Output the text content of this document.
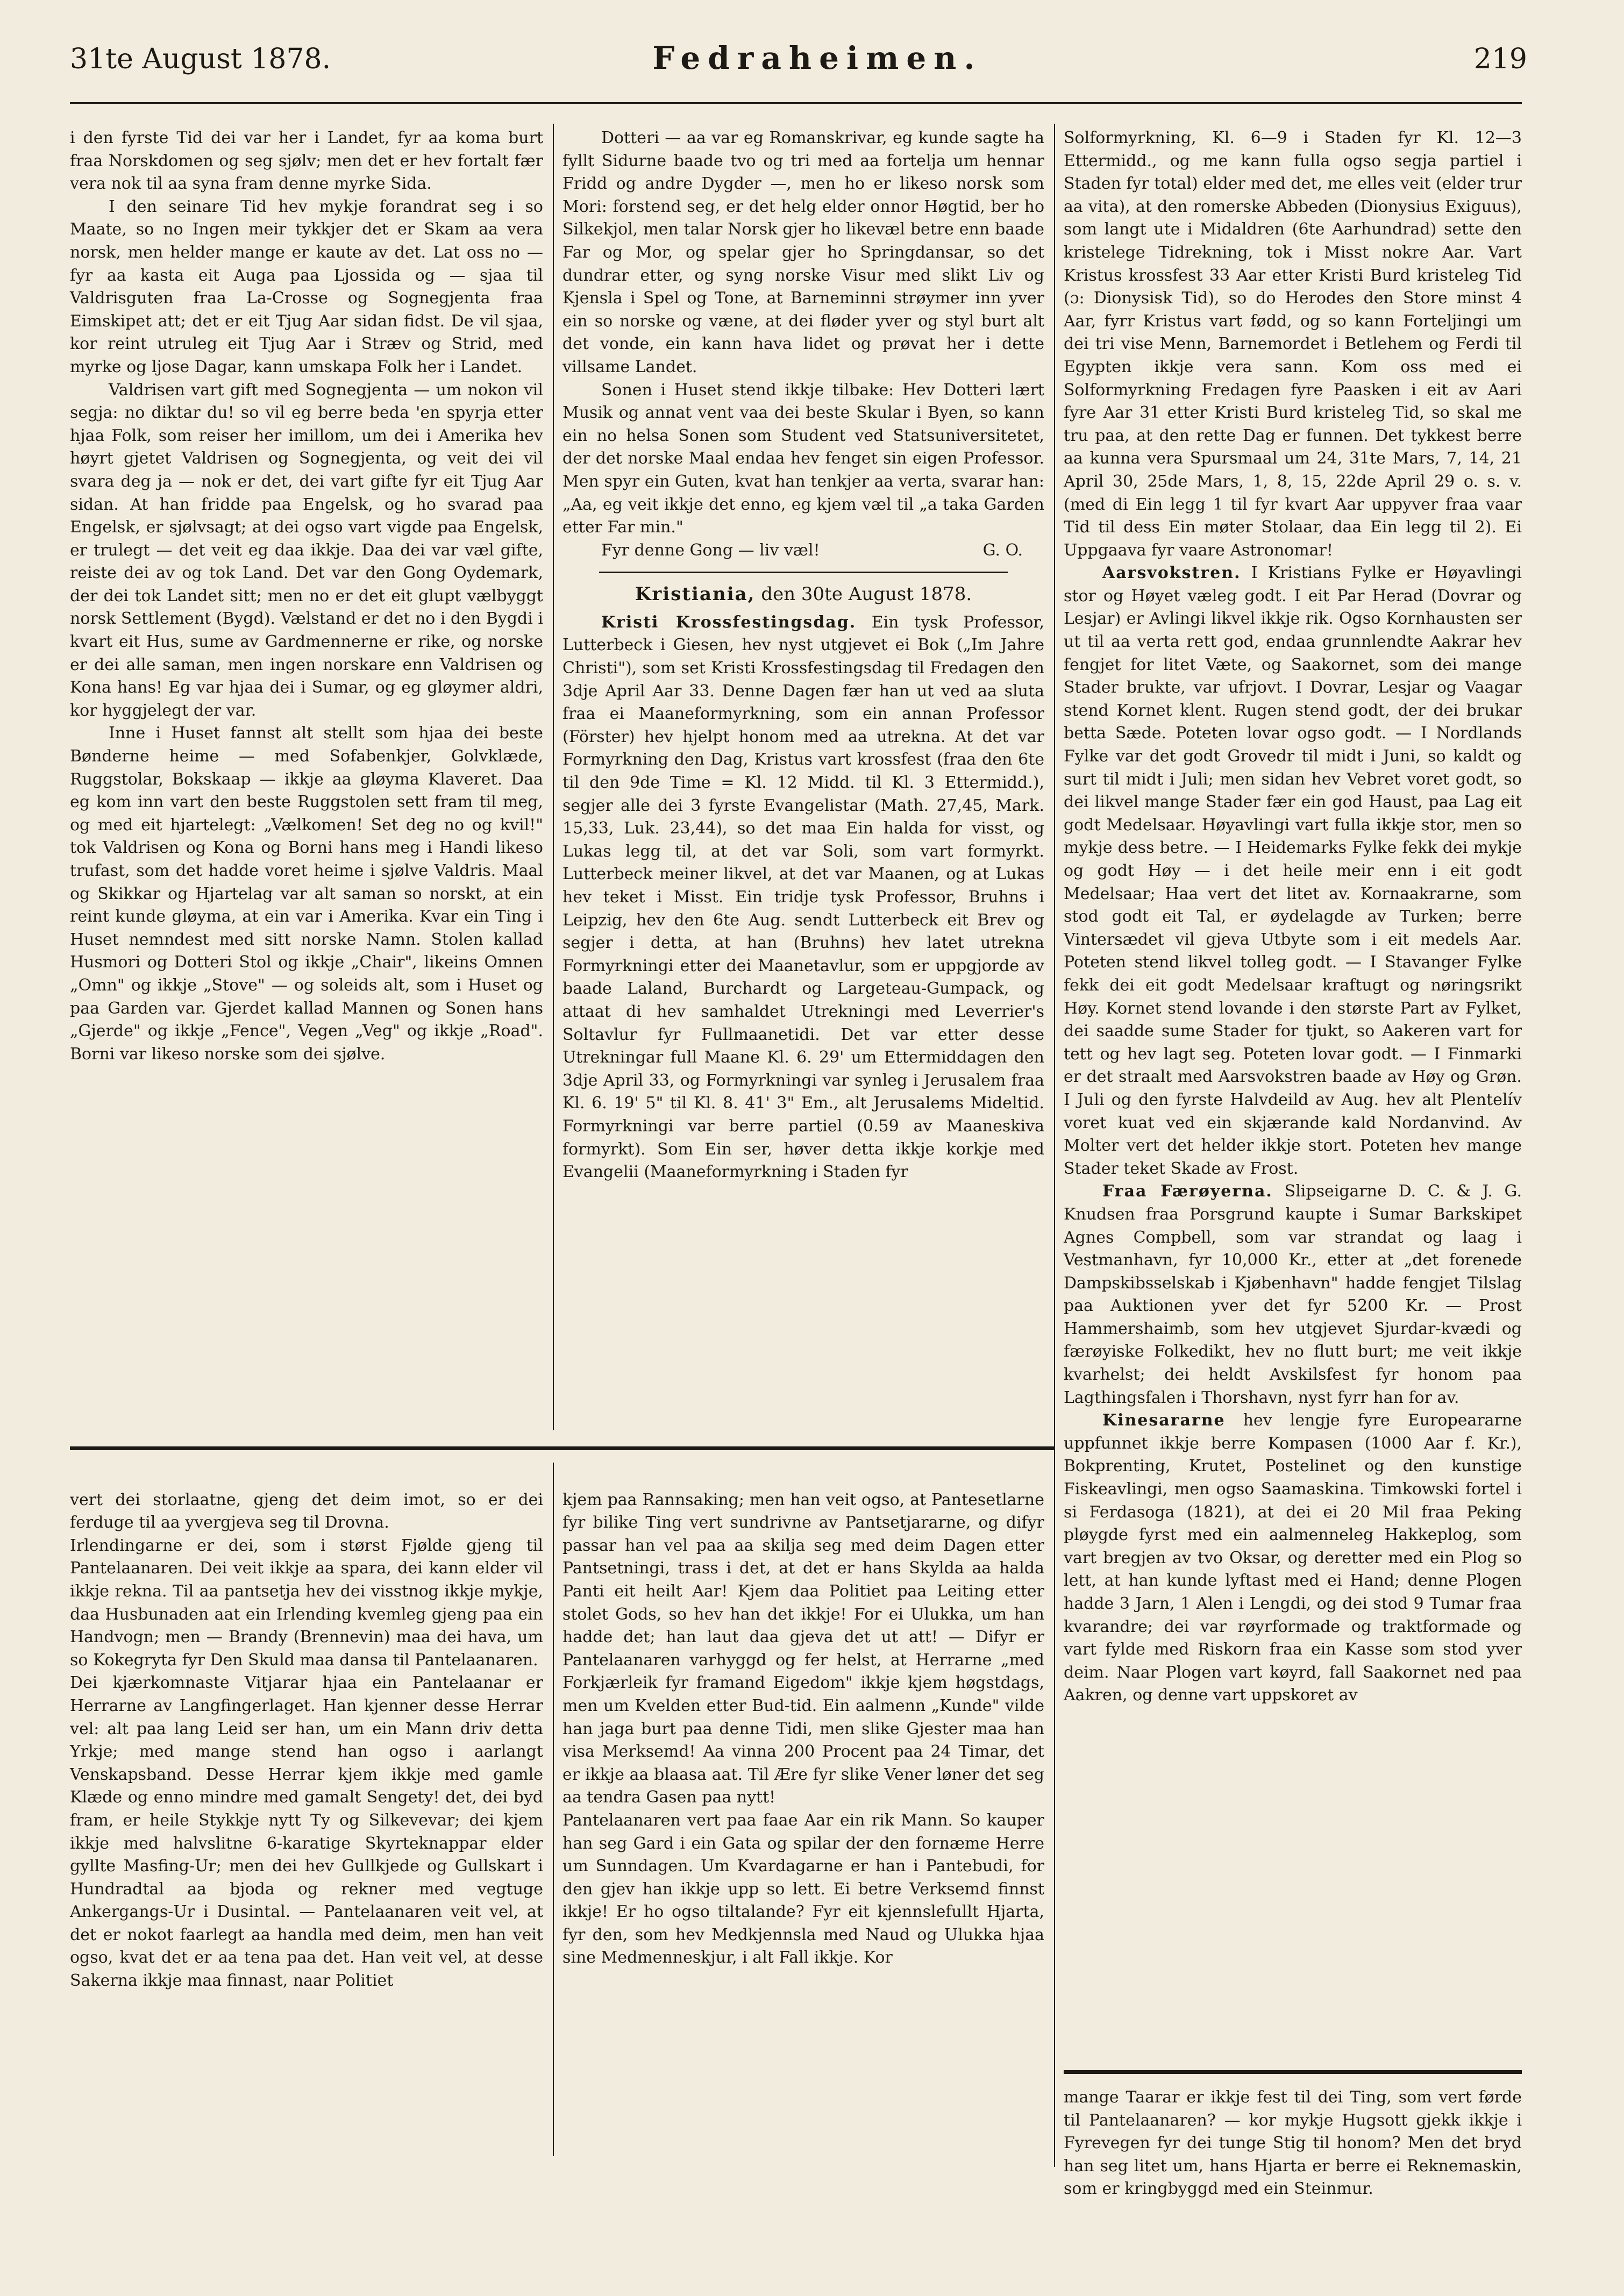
31te August 1878.	Fedraheimen.	219

i den fyrste Tid dei var her i Landet, fyr aa koma burt fraa Norskdomen og seg sjølv; men det er hev fortalt fær vera nok til aa syna fram denne myrke Sida.

I den seinare Tid hev mykje forandrat seg i so Maate, so no Ingen meir tykkjer det er Skam aa vera norsk, men helder mange er kaute av det. Lat oss no — fyr aa kasta eit Auga paa Ljossida og — sjaa til Valdrisguten fraa La-Crosse og Sognegjenta fraa Eimskipet att; det er eit Tjug Aar sidan fidst. De vil sjaa, kor reint utruleg eit Tjug Aar i Stræv og Strid, med myrke og ljose Dagar, kann umskapa Folk her i Landet.

Valdrisen vart gift med Sognegjenta — um nokon vil segja: no diktar du! so vil eg berre beda 'en spyrja etter hjaa Folk, som reiser her imillom, um dei i Amerika hev høyrt gjetet Valdrisen og Sognegjenta, og veit dei vil svara deg ja — nok er det, dei vart gifte fyr eit Tjug Aar sidan. At han fridde paa Engelsk, og ho svarad paa Engelsk, er sjølvsagt; at dei ogso vart vigde paa Engelsk, er trulegt — det veit eg daa ikkje. Daa dei var væl gifte, reiste dei av og tok Land. Det var den Gong Oydemark, der dei tok Landet sitt; men no er det eit glupt vælbyggt norsk Settlement (Bygd). Vælstand er det no i den Bygdi i kvart eit Hus, sume av Gardmennerne er rike, og norske er dei alle saman, men ingen norskare enn Valdrisen og Kona hans! Eg var hjaa dei i Sumar, og eg gløymer aldri, kor hyggjelegt der var.

Inne i Huset fannst alt stellt som hjaa dei beste Bønderne heime — med Sofabenkjer, Golvklæde, Ruggstolar, Bokskaap — ikkje aa gløyma Klaveret. Daa eg kom inn vart den beste Ruggstolen sett fram til meg, og med eit hjartelegt: „Vælkomen! Set deg no og kvil!" tok Valdrisen og Kona og Borni hans meg i Handi likeso trufast, som det hadde voret heime i sjølve Valdris. Maal og Skikkar og Hjartelag var alt saman so norskt, at ein reint kunde gløyma, at ein var i Amerika. Kvar ein Ting i Huset nemndest med sitt norske Namn. Stolen kallad Husmori og Dotteri Stol og ikkje „Chair", likeins Omnen „Omn" og ikkje „Stove" — og soleids alt, som i Huset og paa Garden var. Gjerdet kallad Mannen og Sonen hans „Gjerde" og ikkje „Fence", Vegen „Veg" og ikkje „Road". Borni var likeso norske som dei sjølve.

Dotteri — aa var eg Romanskrivar, eg kunde sagte ha fyllt Sidurne baade tvo og tri med aa fortelja um hennar Fridd og andre Dygder —, men ho er likeso norsk som Mori: forstend seg, er det helg elder onnor Høgtid, ber ho Silkekjol, men talar Norsk gjer ho likevæl betre enn baade Far og Mor, og spelar gjer ho Springdansar, so det dundrar etter, og syng norske Visur med slikt Liv og Kjensla i Spel og Tone, at Barneminni strøymer inn yver ein so norske og væne, at dei fløder yver og styl burt alt det vonde, ein kann hava lidet og prøvat her i dette villsame Landet.

Sonen i Huset stend ikkje tilbake: Hev Dotteri lært Musik og annat vent vaa dei beste Skular i Byen, so kann ein no helsa Sonen som Student ved Statsuniversitetet, der det norske Maal endaa hev fenget sin eigen Professor. Men spyr ein Guten, kvat han tenkjer aa verta, svarar han: „Aa, eg veit ikkje det enno, eg kjem væl til „a taka Garden etter Far min."

Fyr denne Gong — liv væl!	G. O.
Kristiania, den 30te August 1878.

Kristi Krossfestingsdag. Ein tysk Professor, Lutterbeck i Giesen, hev nyst utgjevet ei Bok („Im Jahre Christi"), som set Kristi Krossfestingsdag til Fredagen den 3dje April Aar 33. Denne Dagen fær han ut ved aa sluta fraa ei Maaneformyrkning, som ein annan Professor (Förster) hev hjelpt honom med aa utrekna. At det var Formyrkning den Dag, Kristus vart krossfest (fraa den 6te til den 9de Time = Kl. 12 Midd. til Kl. 3 Ettermidd.), segjer alle dei 3 fyrste Evangelistar (Math. 27,45, Mark. 15,33, Luk. 23,44), so det maa Ein halda for visst, og Lukas legg til, at det var Soli, som vart formyrkt. Lutterbeck meiner likvel, at det var Maanen, og at Lukas hev teket i Misst. Ein tridje tysk Professor, Bruhns i Leipzig, hev den 6te Aug. sendt Lutterbeck eit Brev og segjer i detta, at han (Bruhns) hev latet utrekna Formyrkningi etter dei Maanetavlur, som er uppgjorde av baade Laland, Burchardt og Largeteau-Gumpack, og attaat di hev samhaldet Utrekningi med Leverrier's Soltavlur fyr Fullmaanetidi. Det var etter desse Utrekningar full Maane Kl. 6. 29' um Ettermiddagen den 3dje April 33, og Formyrkningi var synleg i Jerusalem fraa Kl. 6. 19' 5" til Kl. 8. 41' 3" Em., alt Jerusalems Mideltid. Formyrkningi var berre partiel (0.59 av Maaneskiva formyrkt). Som Ein ser, høver detta ikkje korkje med Evangelii (Maaneformyrkning i Staden fyr

Solformyrkning, Kl. 6—9 i Staden fyr Kl. 12—3 Ettermidd., og me kann fulla ogso segja partiel i Staden fyr total) elder med det, me elles veit (elder trur aa vita), at den romerske Abbeden (Dionysius Exiguus), som langt ute i Midaldren (6te Aarhundrad) sette den kristelege Tidrekning, tok i Misst nokre Aar. Vart Kristus krossfest 33 Aar etter Kristi Burd kristeleg Tid (ɔ: Dionysisk Tid), so do Herodes den Store minst 4 Aar, fyrr Kristus vart fødd, og so kann Forteljingi um dei tri vise Menn, Barnemordet i Betlehem og Ferdi til Egypten ikkje vera sann. Kom oss med ei Solformyrkning Fredagen fyre Paasken i eit av Aari fyre Aar 31 etter Kristi Burd kristeleg Tid, so skal me tru paa, at den rette Dag er funnen. Det tykkest berre aa kunna vera Spursmaal um 24, 31te Mars, 7, 14, 21 April 30, 25de Mars, 1, 8, 15, 22de April 29 o. s. v. (med di Ein legg 1 til fyr kvart Aar uppyver fraa vaar Tid til dess Ein møter Stolaar, daa Ein legg til 2). Ei Uppgaava fyr vaare Astronomar!

Aarsvokstren. I Kristians Fylke er Høyavlingi stor og Høyet væleg godt. I eit Par Herad (Dovrar og Lesjar) er Avlingi likvel ikkje rik. Ogso Kornhausten ser ut til aa verta rett god, endaa grunnlendte Aakrar hev fengjet for litet Væte, og Saakornet, som dei mange Stader brukte, var ufrjovt. I Dovrar, Lesjar og Vaagar stend Kornet klent. Rugen stend godt, der dei brukar betta Sæde. Poteten lovar ogso godt. — I Nordlands Fylke var det godt Grovedr til midt i Juni, so kaldt og surt til midt i Juli; men sidan hev Vebret voret godt, so dei likvel mange Stader fær ein god Haust, paa Lag eit godt Medelsaar. Høyavlingi vart fulla ikkje stor, men so mykje dess betre. — I Heidemarks Fylke fekk dei mykje og godt Høy — i det heile meir enn i eit godt Medelsaar; Haa vert det litet av. Kornaakrarne, som stod godt eit Tal, er øydelagde av Turken; berre Vintersædet vil gjeva Utbyte som i eit medels Aar. Poteten stend likvel tolleg godt. — I Stavanger Fylke fekk dei eit godt Medelsaar kraftugt og nøringsrikt Høy. Kornet stend lovande i den største Part av Fylket, dei saadde sume Stader for tjukt, so Aakeren vart for tett og hev lagt seg. Poteten lovar godt. — I Finmarki er det straalt med Aarsvokstren baade av Høy og Grøn. I Juli og den fyrste Halvdeild av Aug. hev alt Plentelív voret kuat ved ein skjærande kald Nordanvind. Av Molter vert det helder ikkje stort. Poteten hev mange Stader teket Skade av Frost.

Fraa Færøyerna. Slipseigarne D. C. & J. G. Knudsen fraa Porsgrund kaupte i Sumar Barkskipet Agnes Compbell, som var strandat og laag i Vestmanhavn, fyr 10,000 Kr., etter at „det forenede Dampskibsselskab i Kjøbenhavn" hadde fengjet Tilslag paa Auktionen yver det fyr 5200 Kr. — Prost Hammershaimb, som hev utgjevet Sjurdar-kvædi og færøyiske Folkedikt, hev no flutt burt; me veit ikkje kvarhelst; dei heldt Avskilsfest fyr honom paa Lagthingsfalen i Thorshavn, nyst fyrr han for av.

Kinesararne hev lengje fyre Europeararne uppfunnet ikkje berre Kompasen (1000 Aar f. Kr.), Bokprenting, Krutet, Postelinet og den kunstige Fiskeavlingi, men ogso Saamaskina. Timkowski fortel i si Ferdasoga (1821), at dei ei 20 Mil fraa Peking pløygde fyrst med ein aalmenneleg Hakkeplog, som vart bregjen av tvo Oksar, og deretter med ein Plog so lett, at han kunde lyftast med ei Hand; denne Plogen hadde 3 Jarn, 1 Alen i Lengdi, og dei stod 9 Tumar fraa kvarandre; dei var røyrformade og traktformade og vart fylde med Riskorn fraa ein Kasse som stod yver deim. Naar Plogen vart køyrd, fall Saakornet ned paa Aakren, og denne vart uppskoret av

vert dei storlaatne, gjeng det deim imot, so er dei ferduge til aa yvergjeva seg til Drovna.
Irlendingarne er dei, som i størst Fjølde gjeng til Pantelaanaren. Dei veit ikkje aa spara, dei kann elder vil ikkje rekna. Til aa pantsetja hev dei visstnog ikkje mykje, daa Husbunaden aat ein Irlending kvemleg gjeng paa ein Handvogn; men — Brandy (Brennevin) maa dei hava, um so Kokegryta fyr Den Skuld maa dansa til Pantelaanaren.
Dei kjærkomnaste Vitjarar hjaa ein Pantelaanar er Herrarne av Langfingerlaget. Han kjenner desse Herrar vel: alt paa lang Leid ser han, um ein Mann driv detta Yrkje; med mange stend han ogso i aarlangt Venskapsband. Desse Herrar kjem ikkje med gamle Klæde og enno mindre med gamalt Sengety! det, dei byd fram, er heile Stykkje nytt Ty og Silkevevar; dei kjem ikkje med halvslitne 6-karatige Skyrteknappar elder gyllte Masfing-Ur; men dei hev Gullkjede og Gullskart i Hundradtal aa bjoda og rekner med vegtuge Ankergangs-Ur i Dusintal. — Pantelaanaren veit vel, at det er nokot faarlegt aa handla med deim, men han veit ogso, kvat det er aa tena paa det. Han veit vel, at desse Sakerna ikkje maa finnast, naar Politiet

kjem paa Rannsaking; men han veit ogso, at Pantesetlarne fyr bilike Ting vert sundrivne av Pantsetjararne, og difyr passar han vel paa aa skilja seg med deim Dagen etter Pantsetningi, trass i det, at det er hans Skylda aa halda Panti eit heilt Aar! Kjem daa Politiet paa Leiting etter stolet Gods, so hev han det ikkje! For ei Ulukka, um han hadde det; han laut daa gjeva det ut att! — Difyr er Pantelaanaren varhyggd og fer helst, at Herrarne „med Forkjærleik fyr framand Eigedom" ikkje kjem høgstdags, men um Kvelden etter Bud-tid. Ein aalmenn „Kunde" vilde han jaga burt paa denne Tidi, men slike Gjester maa han visa Merksemd! Aa vinna 200 Procent paa 24 Timar, det er ikkje aa blaasa aat. Til Ære fyr slike Vener løner det seg aa tendra Gasen paa nytt!
Pantelaanaren vert paa faae Aar ein rik Mann. So kauper han seg Gard i ein Gata og spilar der den fornæme Herre um Sunndagen. Um Kvardagarne er han i Pantebudi, for den gjev han ikkje upp so lett. Ei betre Verksemd finnst ikkje! Er ho ogso tiltalande? Fyr eit kjennslefullt Hjarta, fyr den, som hev Medkjennsla med Naud og Ulukka hjaa sine Medmenneskjur, i alt Fall ikkje. Kor

mange Taarar er ikkje fest til dei Ting, som vert førde til Pantelaanaren? — kor mykje Hugsott gjekk ikkje i Fyrevegen fyr dei tunge Stig til honom? Men det bryd han seg litet um, hans Hjarta er berre ei Reknemaskin, som er kringbyggd med ein Steinmur.
